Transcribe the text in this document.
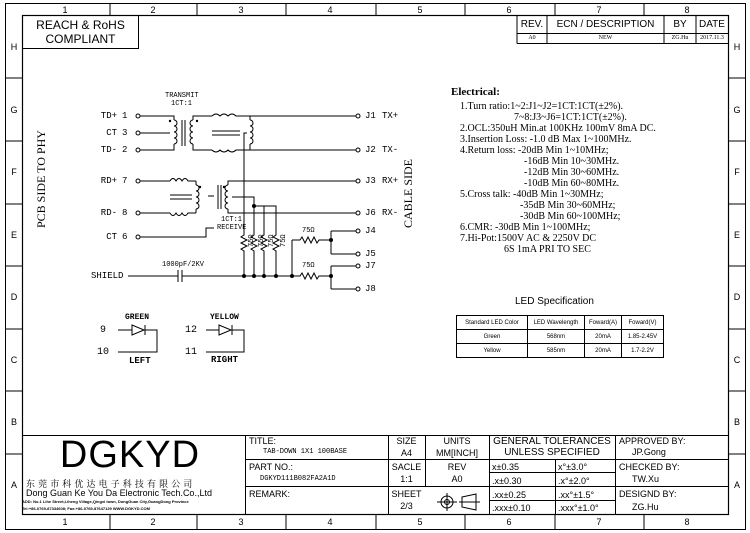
1	2	3	4	5	6	7	8
1	2	3	4	5	6	7	8
H
G
F
E
D
C
B
A
H
G
F
E
D
C
B
A
REACH & RoHS
COMPLIANT
REV.	ECN / DESCRIPTION	BY	DATE
A0	NEW	ZG.Hu	2017.11.3
TRANSMIT
1CT:1
1CT:1
RECEIVE
PCB SIDE TO PHY	CABLE SIDE
TD+ 1
CT 3
TD- 2
RD+ 7
RD- 8
CT 6
J1 TX+
J2 TX-
J3 RX+
J6 RX-
J4
J5
J7
J8
75Ω 75Ω 75Ω 75Ω
75Ω
75Ω
SHIELD
1000pF/2KV
GREEN
9
10
LEFT
YELLOW
12
11
RIGHT
Electrical:
1.Turn ratio:1~2:J1~J2=1CT:1CT(±2%).
7~8:J3~J6=1CT:1CT(±2%).
2.OCL:350uH Min.at 100KHz 100mV 8mA DC.
3.Insertion Loss: -1.0 dB Max 1~100MHz.
4.Return loss: -20dB Min 1~10MHz;
-16dB Min 10~30MHz.
-12dB Min 30~60MHz.
-10dB Min 60~80MHz.
5.Cross talk: -40dB Min 1~30MHz;
-35dB Min 30~60MHz;
-30dB Min 60~100MHz;
6.CMR: -30dB Min 1~100MHz;
7.Hi-Pot:1500V AC & 2250V DC
6S 1mA PRI TO SEC
LED Specification
Standard LED Color	LED Wavelength	Foward(A)	Foward(V)
Green	568nm	20mA	1.85-2.45V
Yellow	585nm	20mA	1.7-2.2V
DGKYD
东 莞 市 科 优 达 电 子 科 技 有 限 公 司
Dong Guan Ke You Da Electronic Tech.Co.,Ltd
ADD: No.1 Lihe Street,Liheng Village,Qingxi town, DongGuan City,GuangDong Province
Tel:+86-0769-87334608; Fax:+86-0769-87647129 WWW.DGKYD.COM
TITLE:
TAB-DOWN 1X1 100BASE
SIZE
A4
UNITS
MM[INCH]
PART NO.:
DGKYD111B082FA2A1D
SACLE
1:1
REV
A0
REMARK:	SHEET
2/3
GENERAL TOLERANCES
UNLESS SPECIFIED
x±0.35	x°±3.0°
.x±0.30	.x°±2.0°
.xx±0.25	.xx°±1.5°
.xxx±0.10	.xxx°±1.0°
APPROVED BY:
JP.Gong
CHECKED BY:
TW.Xu
DESIGND BY:
ZG.Hu
